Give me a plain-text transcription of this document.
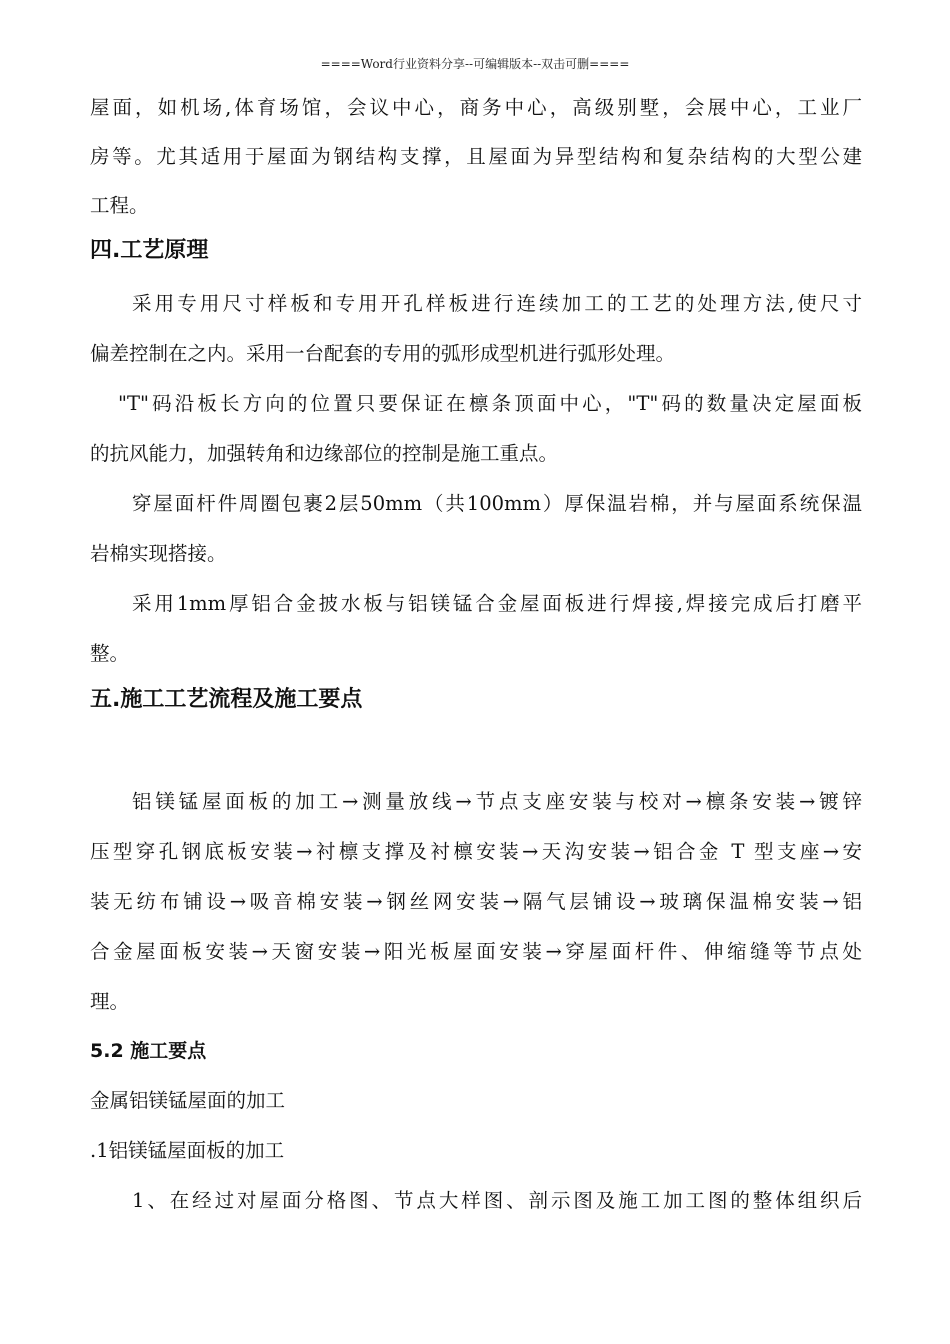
====Word行业资料分享--可编辑版本--双击可删====
屋面，如机场,体育场馆，会议中心，商务中心，高级别墅，会展中心，工业厂
房等。尤其适用于屋面为钢结构支撑，且屋面为异型结构和复杂结构的大型公建
工程。
四.工艺原理
采用专用尺寸样板和专用开孔样板进行连续加工的工艺的处理方法,使尺寸
偏差控制在之内。采用一台配套的专用的弧形成型机进行弧形处理。
"T"码沿板长方向的位置只要保证在檩条顶面中心，"T"码的数量决定屋面板
的抗风能力，加强转角和边缘部位的控制是施工重点。
穿屋面杆件周圈包裹2层50mm（共100mm）厚保温岩棉，并与屋面系统保温
岩棉实现搭接。
采用1mm厚铝合金披水板与铝镁锰合金屋面板进行焊接,焊接完成后打磨平
整。
五.施工工艺流程及施工要点
铝镁锰屋面板的加工→测量放线→节点支座安装与校对→檩条安装→镀锌
压型穿孔钢底板安装→衬檩支撑及衬檩安装→天沟安装→铝合金 T 型支座→安
装无纺布铺设→吸音棉安装→钢丝网安装→隔气层铺设→玻璃保温棉安装→铝
合金屋面板安装→天窗安装→阳光板屋面安装→穿屋面杆件、伸缩缝等节点处
理。
5.2 施工要点
金属铝镁锰屋面的加工
.1铝镁锰屋面板的加工
1、在经过对屋面分格图、节点大样图、剖示图及施工加工图的整体组织后
